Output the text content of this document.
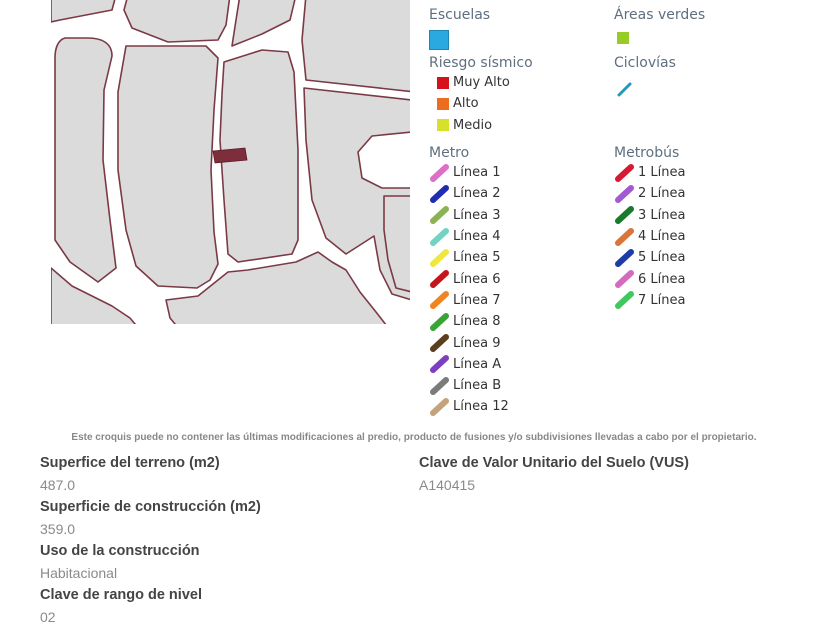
Escuelas	Áreas verdes
Riesgo sísmico
Muy Alto
Alto
Medio
Ciclovías
Metro
Línea 1
Línea 2
Línea 3
Línea 4
Línea 5
Línea 6
Línea 7
Línea 8
Línea 9
Línea A
Línea B
Línea 12
Metrobús
1 Línea
2 Línea
3 Línea
4 Línea
5 Línea
6 Línea
7 Línea
Este croquis puede no contener las últimas modificaciones al predio, producto de fusiones y/o subdivisiones llevadas a cabo por el propietario.
Superfice del terreno (m2)
487.0
Superficie de construcción (m2)
359.0
Uso de la construcción
Habitacional
Clave de rango de nivel
02
Clave de Valor Unitario del Suelo (VUS)
A140415
